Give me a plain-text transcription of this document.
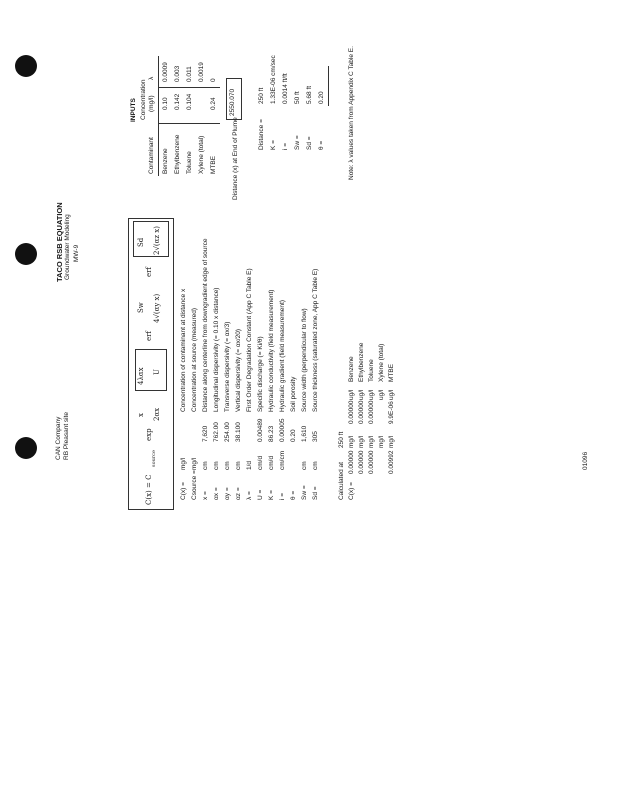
CAN Company RB Pleasant site
TACO RSB EQUATION Groundwater Modeling MW-9
C(x) = C
source
exp
x 2αx
4λαx U
erf
Sw 4√(αy x)
erf
Sd 2√(αz x)
C(x) =
mg/l
Concentration of contaminant at distance x
Csource =
mg/l
Concentration at source (measured)
x =
cm
7,620
Distance along centerline from downgradient edge of source
αx =
cm
762.00
Longitudinal dispersivity (= 0.10 x distance)
αy =
cm
254.00
Transverse dispersivity (= αx/3)
αz =
cm
38.100
Vertical dispersivity (= αx/20)
λ =
1/d
First Order Degradation Constant (App C Table E)
U =
cm/d
0.00489
Specific discharge (= Ki/θ)
K =
cm/d
86.23
Hydraulic conductivity (field measurement)
i =
cm/cm
0.00005
Hydraulic gradient (field measurement)
θ =
0.20
Soil porosity
Sw =
cm
1,610
Source width (perpendicular to flow)
Sd =
cm
305
Source thickness (saturated zone, App C Table E)
Calculated at
250 ft
C(x) =
0.00000
mg/l
0.00000
ug/l
Benzene
0.00000
mg/l
0.00000
ug/l
Ethylbenzene
0.00000
mg/l
0.00000
ug/l
Toluene
mg/l
ug/l
Xylene (total)
0.00992
mg/l
9.9E-06
ug/l
MTBE
INPUTS
Contaminant
Concentration (mg/l)
λ
Benzene
0.10
0.0009
Ethylbenzene
0.142
0.003
Toluene
0.104
0.011
Xylene (total)
0.0019
MTBE
0.24
0
Distance (x) at End of Plume
2550.070
Distance =
250 ft
K =
1.33E-06 cm/sec
i =
0.0014 ft/ft
Sw =
50 ft
Sd =
5.68 ft
θ =
0.20	Note: λ values taken from Appendix C Table E.
01096
